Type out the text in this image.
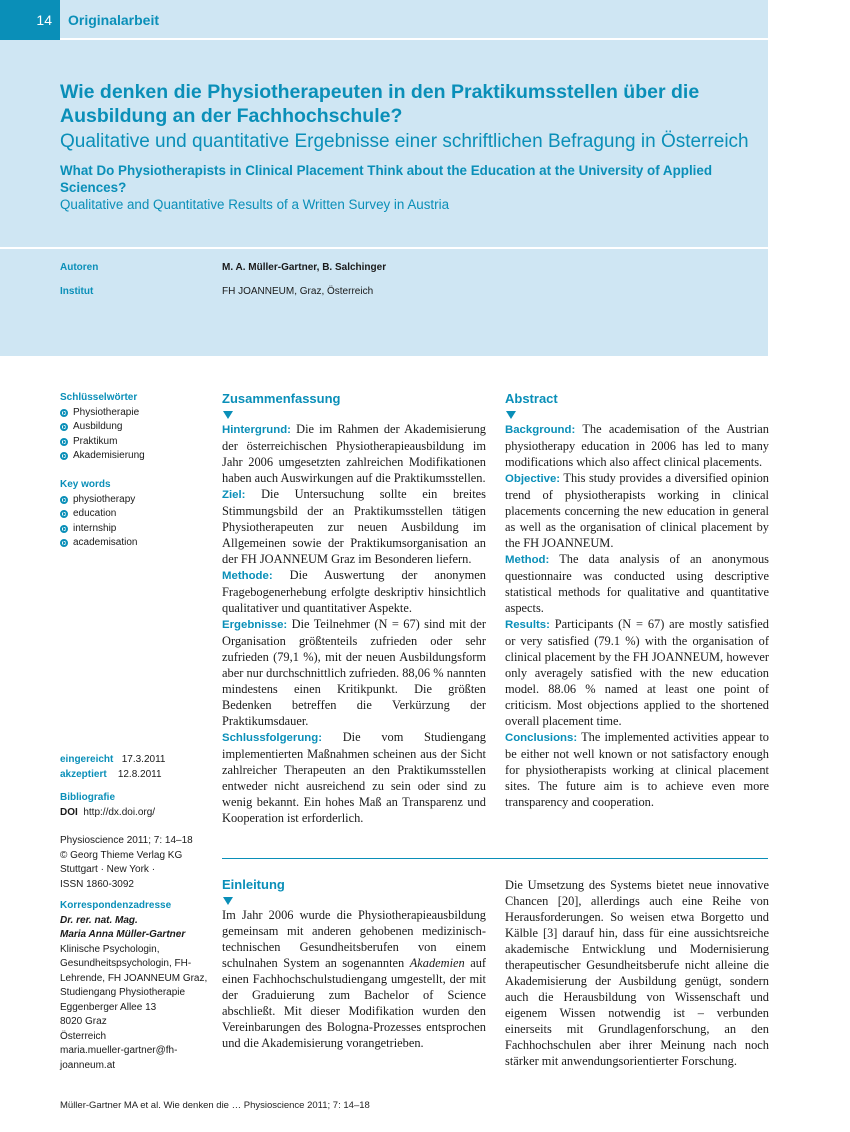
14	Originalarbeit
Wie denken die Physiotherapeuten in den Praktikumsstellen über die Ausbildung an der Fachhochschule?
Qualitative und quantitative Ergebnisse einer schriftlichen Befragung in Österreich
What Do Physiotherapists in Clinical Placement Think about the Education at the University of Applied Sciences?
Qualitative and Quantitative Results of a Written Survey in Austria
Autoren	M. A. Müller-Gartner, B. Salchinger
Institut	FH JOANNEUM, Graz, Österreich
Schlüsselwörter
Physiotherapie
Ausbildung
Praktikum
Akademisierung
Key words
physiotherapy
education
internship
academisation
eingereicht 17.3.2011
akzeptiert 12.8.2011
Bibliografie
DOI http://dx.doi.org/
Physioscience 2011; 7: 14–18
© Georg Thieme Verlag KG
Stuttgart · New York ·
ISSN 1860-3092
Korrespondenzadresse
Dr. rer. nat. Mag.
Maria Anna Müller-Gartner
Klinische Psychologin,
Gesundheitspsychologin, FH-
Lehrende, FH JOANNEUM Graz,
Studiengang Physiotherapie
Eggenberger Allee 13
8020 Graz
Österreich
maria.mueller-gartner@fh-
joanneum.at
Zusammenfassung

Hintergrund: Die im Rahmen der Akademisierung der österreichischen Physiotherapieausbildung im Jahr 2006 umgesetzten zahlreichen Modifikationen haben auch Auswirkungen auf die Praktikumsstellen.

Ziel: Die Untersuchung sollte ein breites Stimmungsbild der an Praktikumsstellen tätigen Physiotherapeuten zur neuen Ausbildung im Allgemeinen sowie der Praktikumsorganisation an der FH JOANNEUM Graz im Besonderen liefern.

Methode: Die Auswertung der anonymen Fragebogenerhebung erfolgte deskriptiv hinsichtlich qualitativer und quantitativer Aspekte.

Ergebnisse: Die Teilnehmer (N = 67) sind mit der Organisation größtenteils zufrieden oder sehr zufrieden (79,1 %), mit der neuen Ausbildungsform aber nur durchschnittlich zufrieden. 88,06 % nannten mindestens einen Kritikpunkt. Die größten Bedenken betreffen die Verkürzung der Praktikumsdauer.

Schlussfolgerung: Die vom Studiengang implementierten Maßnahmen scheinen aus der Sicht zahlreicher Therapeuten an den Praktikumsstellen entweder nicht ausreichend zu sein oder sind zu wenig bekannt. Ein hohes Maß an Transparenz und Kooperation ist erforderlich.

Abstract

Background: The academisation of the Austrian physiotherapy education in 2006 has led to many modifications which also affect clinical placements.

Objective: This study provides a diversified opinion trend of physiotherapists working in clinical placements concerning the new education in general as well as the organisation of clinical placement by the FH JOANNEUM.

Method: The data analysis of an anonymous questionnaire was conducted using descriptive statistical methods for qualitative and quantitative aspects.

Results: Participants (N = 67) are mostly satisfied or very satisfied (79.1 %) with the organisation of clinical placement by the FH JOANNEUM, however only averagely satisfied with the new education model. 88.06 % named at least one point of criticism. Most objections applied to the shortened overall placement time.

Conclusions: The implemented activities appear to be either not well known or not satisfactory enough for physiotherapists working at clinical placement sites. The future aim is to achieve even more transparency and cooperation.

Einleitung

Im Jahr 2006 wurde die Physiotherapieausbildung gemeinsam mit anderen gehobenen medizinisch-technischen Gesundheitsberufen von einem schulnahen System an sogenannten Akademien auf einen Fachhochschulstudiengang umgestellt, der mit der Graduierung zum Bachelor of Science abschließt. Mit dieser Modifikation wurden den Vereinbarungen des Bologna-Prozesses entsprochen und die Akademisierung vorangetrieben.

Die Umsetzung des Systems bietet neue innovative Chancen [20], allerdings auch eine Reihe von Herausforderungen. So weisen etwa Borgetto und Kälble [3] darauf hin, dass für eine aussichtsreiche akademische Entwicklung und Modernisierung therapeutischer Gesundheitsberufe nicht alleine die Akademisierung der Ausbildung genügt, sondern auch die Herausbildung von Wissenschaft und eigenem Wissen notwendig ist – verbunden einerseits mit Grundlagenforschung, an den Fachhochschulen aber ihrer Meinung nach noch stärker mit anwendungsorientierter Forschung.

Müller-Gartner MA et al. Wie denken die … Physioscience 2011; 7: 14–18
